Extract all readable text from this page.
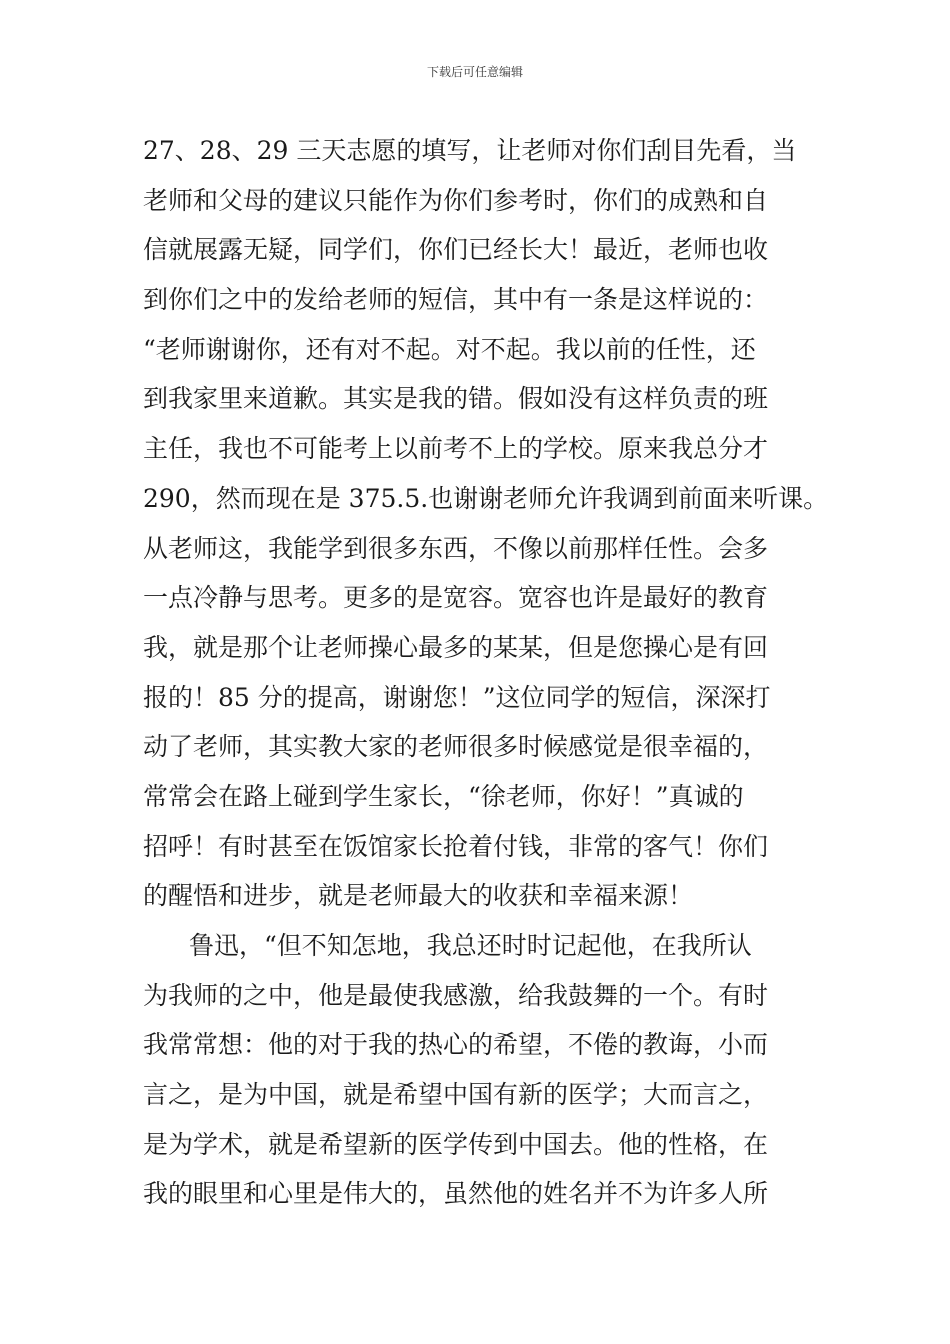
下载后可任意编辑
27、28、29 三天志愿的填写，让老师对你们刮目先看，当
老师和父母的建议只能作为你们参考时，你们的成熟和自
信就展露无疑，同学们，你们已经长大！最近，老师也收
到你们之中的发给老师的短信，其中有一条是这样说的：
“老师谢谢你，还有对不起。对不起。我以前的任性，还
到我家里来道歉。其实是我的错。假如没有这样负责的班
主任，我也不可能考上以前考不上的学校。原来我总分才
290，然而现在是 375.5.也谢谢老师允许我调到前面来听课。
从老师这，我能学到很多东西，不像以前那样任性。会多
一点冷静与思考。更多的是宽容。宽容也许是最好的教育
我，就是那个让老师操心最多的某某，但是您操心是有回
报的！85 分的提高，谢谢您！”这位同学的短信，深深打
动了老师，其实教大家的老师很多时候感觉是很幸福的，
常常会在路上碰到学生家长，“徐老师，你好！”真诚的
招呼！有时甚至在饭馆家长抢着付钱，非常的客气！你们
的醒悟和进步，就是老师最大的收获和幸福来源！
鲁迅，“但不知怎地，我总还时时记起他，在我所认
为我师的之中，他是最使我感激，给我鼓舞的一个。有时
我常常想：他的对于我的热心的希望，不倦的教诲，小而
言之，是为中国，就是希望中国有新的医学；大而言之，
是为学术，就是希望新的医学传到中国去。他的性格，在
我的眼里和心里是伟大的，虽然他的姓名并不为许多人所
